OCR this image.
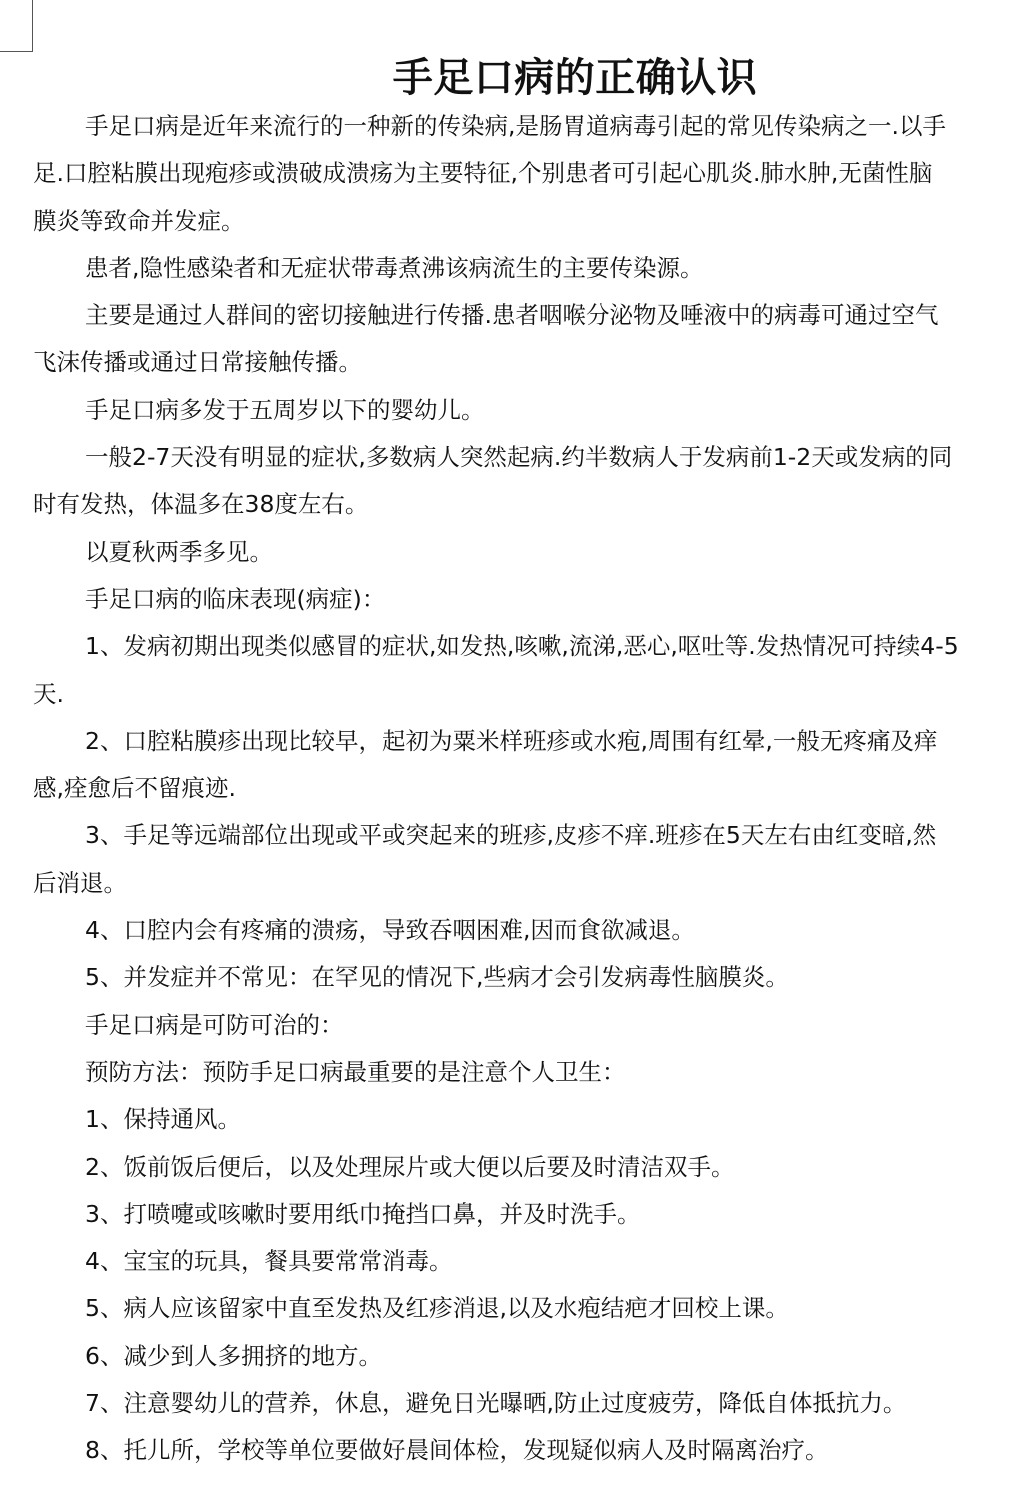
手足口病的正确认识

手足口病是近年来流行的一种新的传染病,是肠胃道病毒引起的常见传染病之一.以手
足.口腔粘膜出现疱疹或溃破成溃疡为主要特征,个别患者可引起心肌炎.肺水肿,无菌性脑
膜炎等致命并发症。

患者,隐性感染者和无症状带毒煮沸该病流生的主要传染源。

主要是通过人群间的密切接触进行传播.患者咽喉分泌物及唾液中的病毒可通过空气
飞沫传播或通过日常接触传播。

手足口病多发于五周岁以下的婴幼儿。

一般2-7天没有明显的症状,多数病人突然起病.约半数病人于发病前1-2天或发病的同
时有发热，体温多在38度左右。

以夏秋两季多见。

手足口病的临床表现(病症)：

1、发病初期出现类似感冒的症状,如发热,咳嗽,流涕,恶心,呕吐等.发热情况可持续4-5
天.

2、口腔粘膜疹出现比较早，起初为粟米样班疹或水疱,周围有红晕,一般无疼痛及痒
感,痊愈后不留痕迹.

3、手足等远端部位出现或平或突起来的班疹,皮疹不痒.班疹在5天左右由红变暗,然
后消退。

4、口腔内会有疼痛的溃疡，导致吞咽困难,因而食欲减退。

5、并发症并不常见：在罕见的情况下,些病才会引发病毒性脑膜炎。

手足口病是可防可治的：

预防方法：预防手足口病最重要的是注意个人卫生：

1、保持通风。

2、饭前饭后便后，以及处理尿片或大便以后要及时清洁双手。

3、打喷嚏或咳嗽时要用纸巾掩挡口鼻，并及时洗手。

4、宝宝的玩具，餐具要常常消毒。

5、病人应该留家中直至发热及红疹消退,以及水疱结疤才回校上课。

6、减少到人多拥挤的地方。

7、注意婴幼儿的营养，休息，避免日光曝晒,防止过度疲劳，降低自体抵抗力。

8、托儿所，学校等单位要做好晨间体检，发现疑似病人及时隔离治疗。
